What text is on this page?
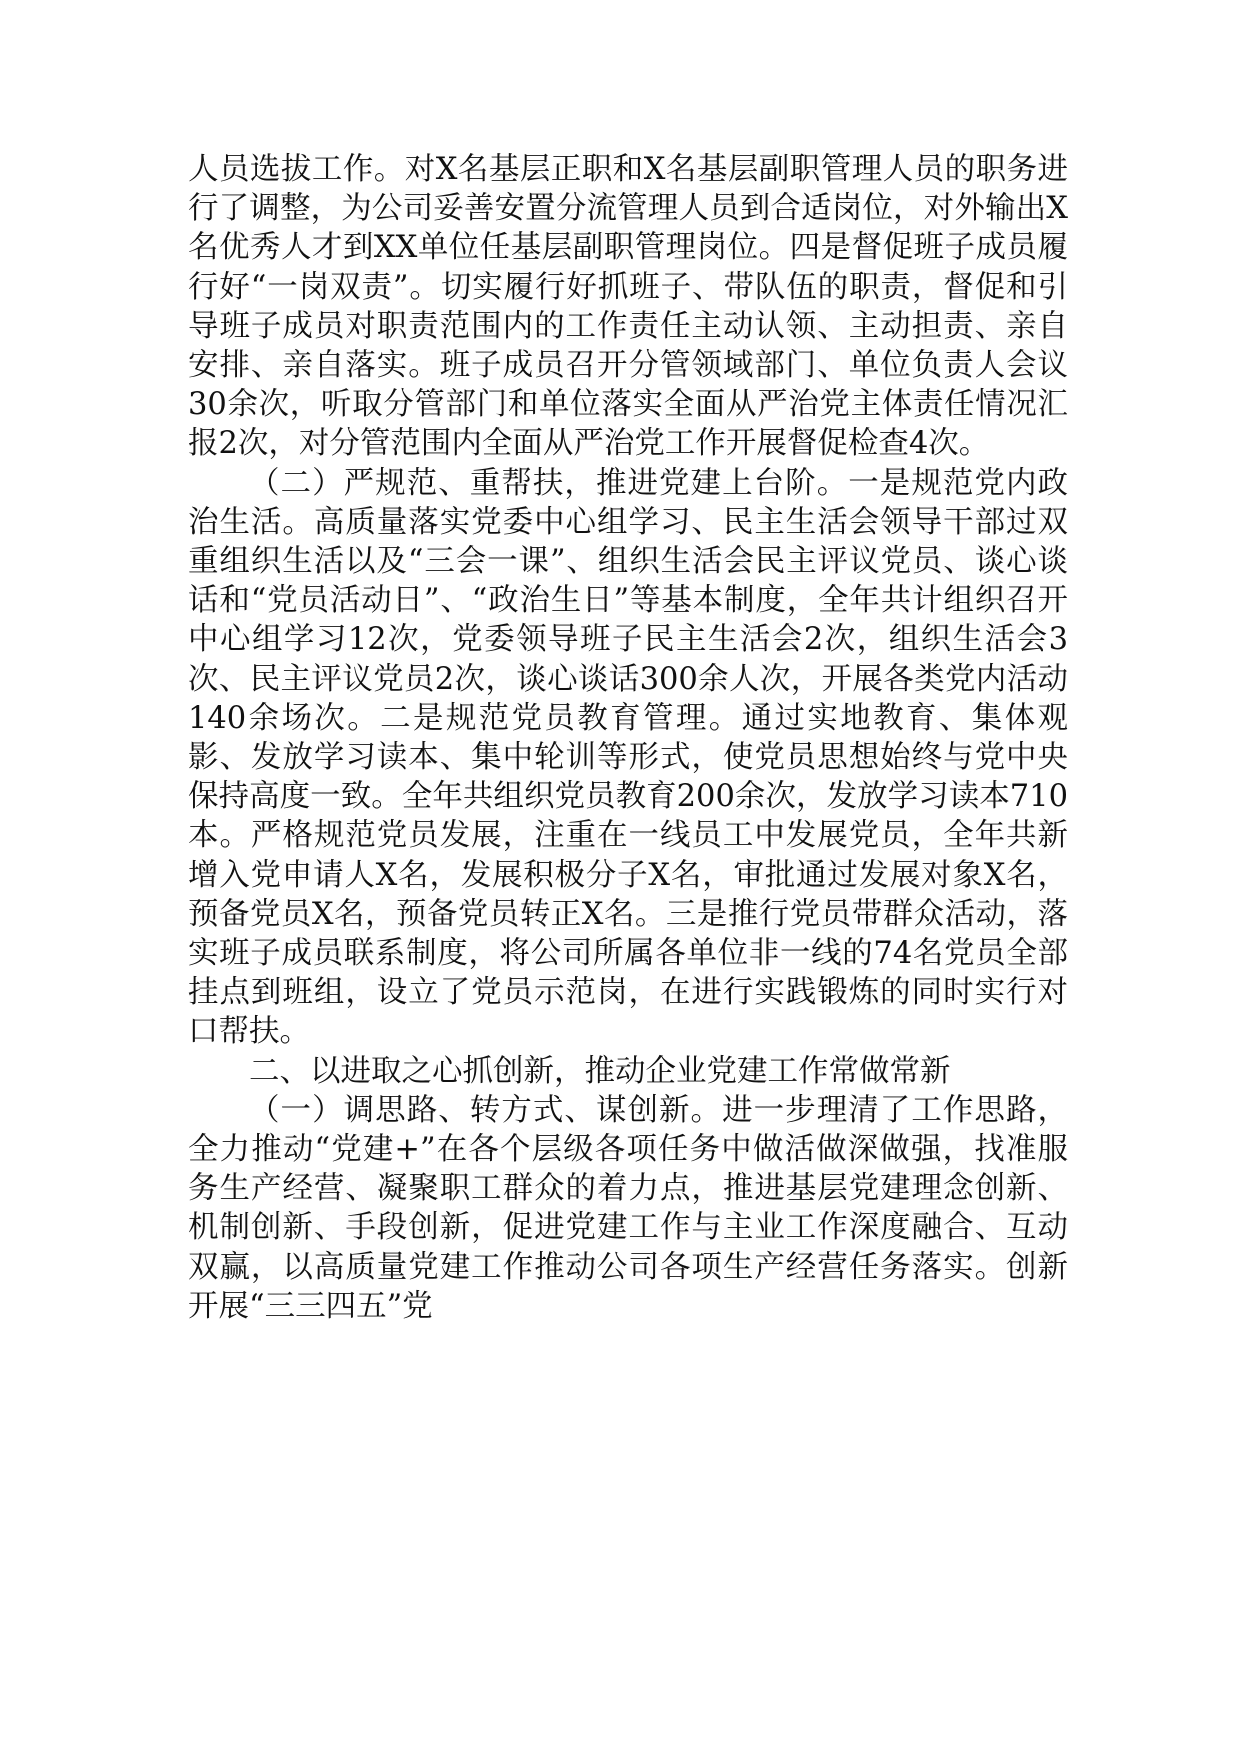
人员选拔工作。对X名基层正职和X名基层副职管理人员的职务进行了调整，为公司妥善安置分流管理人员到合适岗位，对外输出X名优秀人才到XX单位任基层副职管理岗位。四是督促班子成员履行好“一岗双责”。切实履行好抓班子、带队伍的职责，督促和引导班子成员对职责范围内的工作责任主动认领、主动担责、亲自安排、亲自落实。班子成员召开分管领域部门、单位负责人会议30余次，听取分管部门和单位落实全面从严治党主体责任情况汇报2次，对分管范围内全面从严治党工作开展督促检查4次。

（二）严规范、重帮扶，推进党建上台阶。一是规范党内政治生活。高质量落实党委中心组学习、民主生活会领导干部过双重组织生活以及“三会一课”、组织生活会民主评议党员、谈心谈话和“党员活动日”、“政治生日”等基本制度，全年共计组织召开中心组学习12次，党委领导班子民主生活会2次，组织生活会3次、民主评议党员2次，谈心谈话300余人次，开展各类党内活动140余场次。二是规范党员教育管理。通过实地教育、集体观影、发放学习读本、集中轮训等形式，使党员思想始终与党中央保持高度一致。全年共组织党员教育200余次，发放学习读本710本。严格规范党员发展，注重在一线员工中发展党员，全年共新增入党申请人X名，发展积极分子X名，审批通过发展对象X名，预备党员X名，预备党员转正X名。三是推行党员带群众活动，落实班子成员联系制度，将公司所属各单位非一线的74名党员全部挂点到班组，设立了党员示范岗，在进行实践锻炼的同时实行对口帮扶。

二、以进取之心抓创新，推动企业党建工作常做常新

（一）调思路、转方式、谋创新。进一步理清了工作思路，全力推动“党建+”在各个层级各项任务中做活做深做强，找准服务生产经营、凝聚职工群众的着力点，推进基层党建理念创新、机制创新、手段创新，促进党建工作与主业工作深度融合、互动双赢，以高质量党建工作推动公司各项生产经营任务落实。创新开展“三三四五”党
